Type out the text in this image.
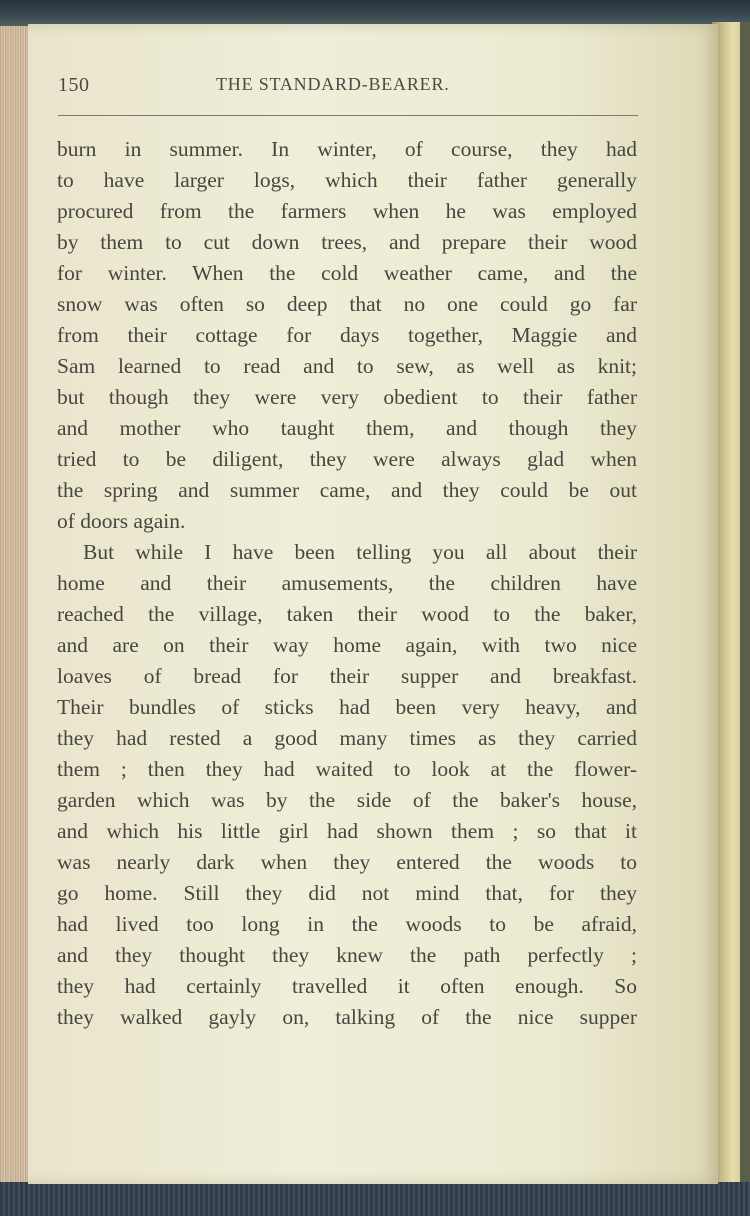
150	THE STANDARD-BEARER.
burn in summer. In winter, of course, they had
to have larger logs, which their father generally
procured from the farmers when he was employed
by them to cut down trees, and prepare their wood
for winter. When the cold weather came, and the
snow was often so deep that no one could go far
from their cottage for days together, Maggie and
Sam learned to read and to sew, as well as knit;
but though they were very obedient to their father
and mother who taught them, and though they
tried to be diligent, they were always glad when
the spring and summer came, and they could be out
of doors again.
But while I have been telling you all about their
home and their amusements, the children have
reached the village, taken their wood to the baker,
and are on their way home again, with two nice
loaves of bread for their supper and breakfast.
Their bundles of sticks had been very heavy, and
they had rested a good many times as they carried
them ; then they had waited to look at the flower-
garden which was by the side of the baker's house,
and which his little girl had shown them ; so that it
was nearly dark when they entered the woods to
go home. Still they did not mind that, for they
had lived too long in the woods to be afraid,
and they thought they knew the path perfectly ;
they had certainly travelled it often enough. So
they walked gayly on, talking of the nice supper
